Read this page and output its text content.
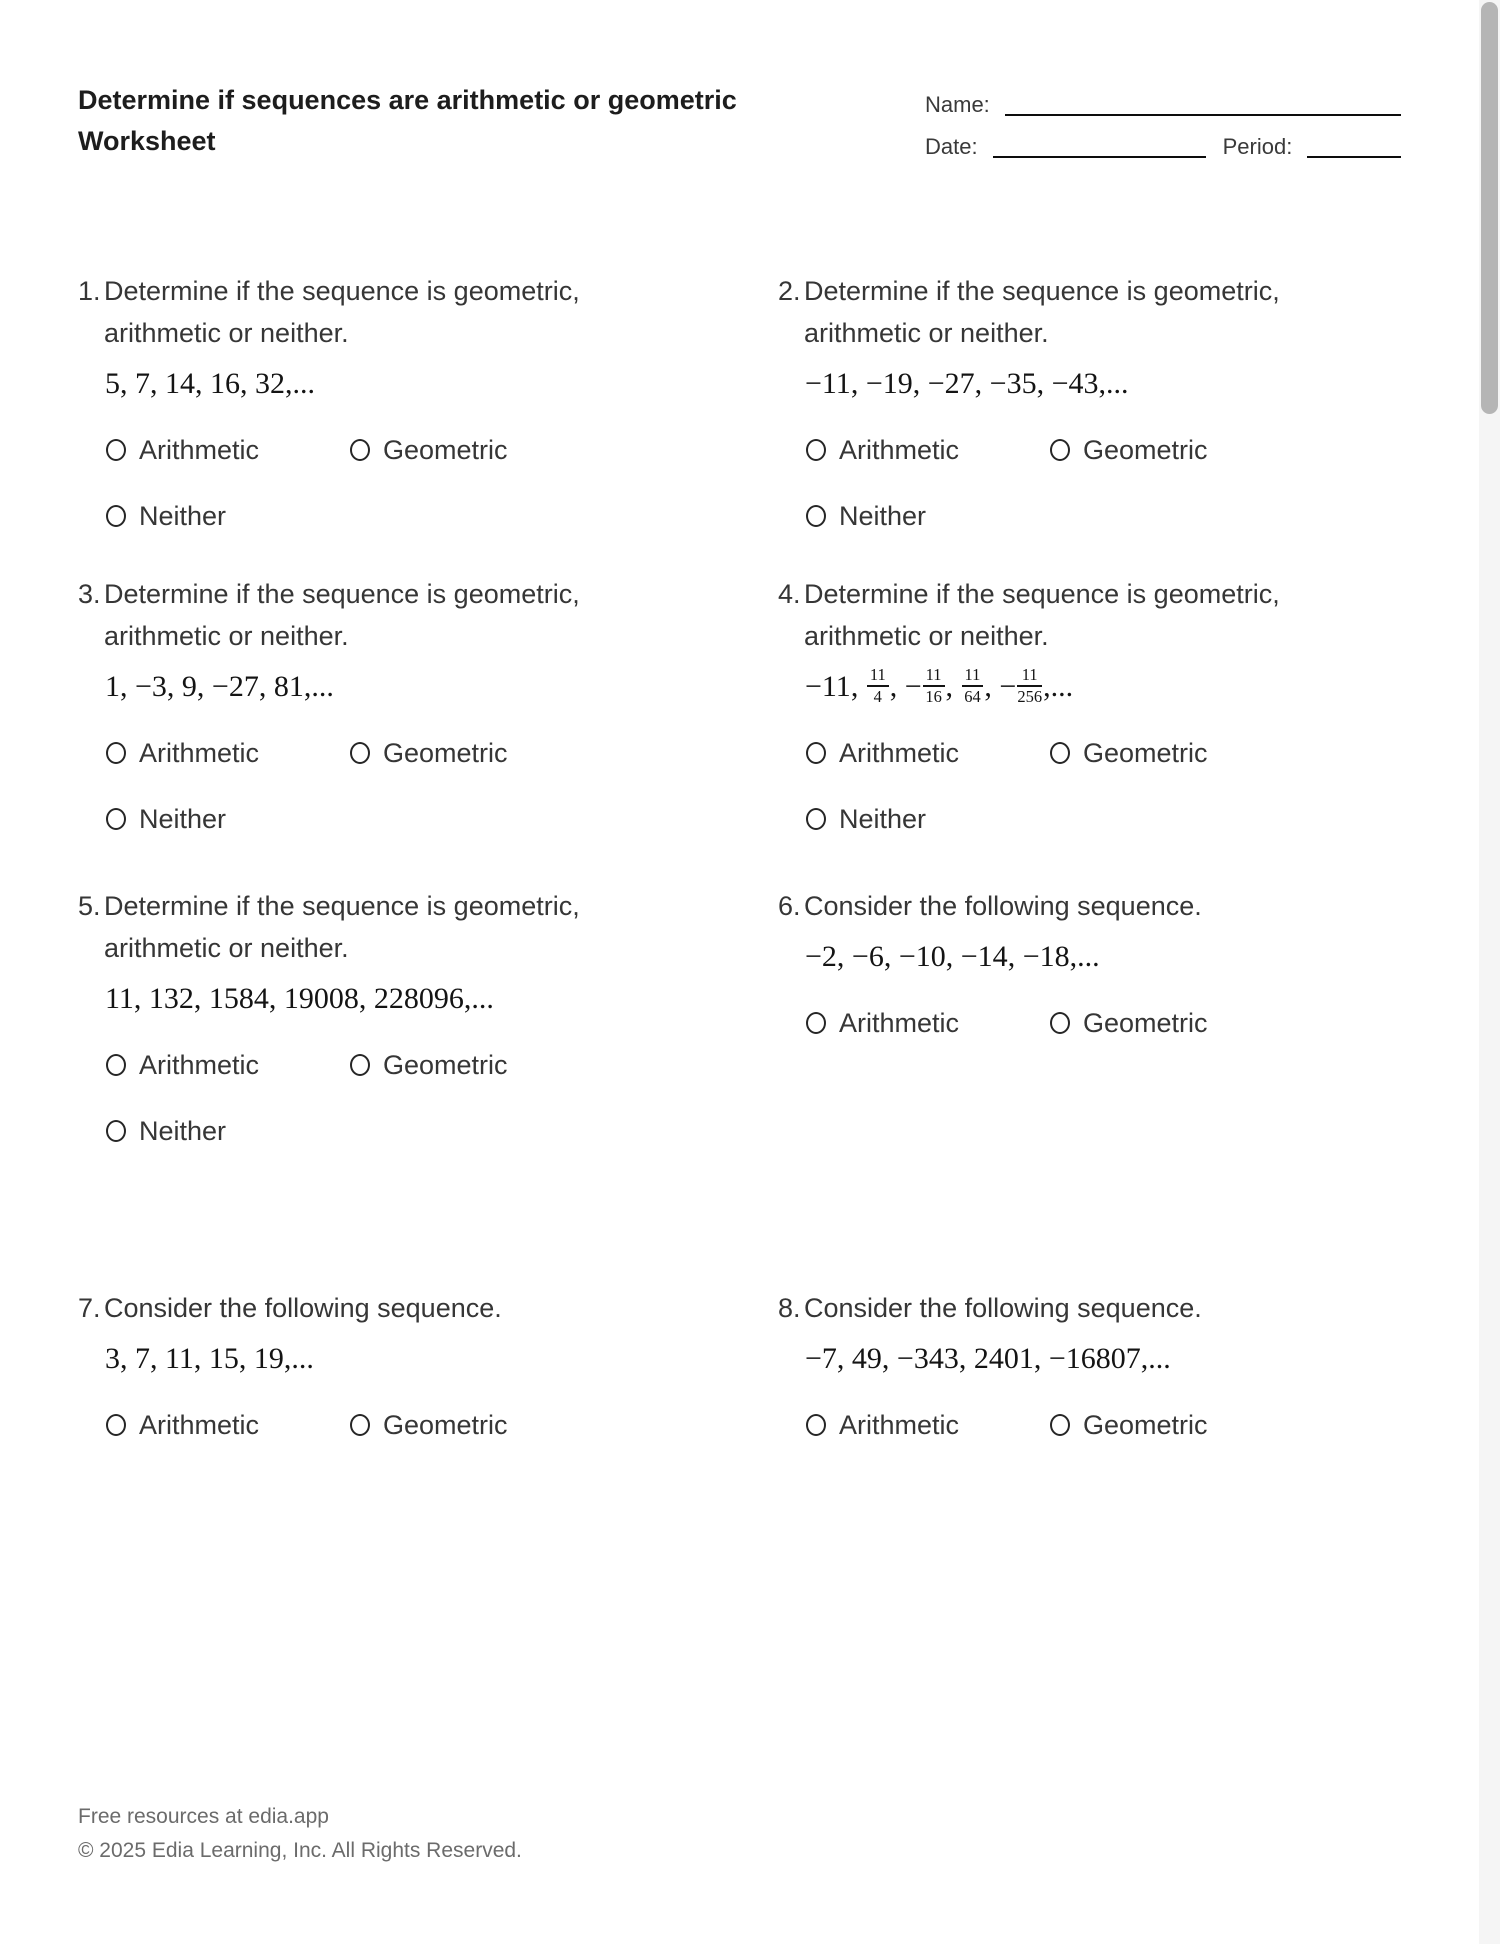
Determine if sequences are arithmetic or geometric
Worksheet
Name:
Date:	Period:
1. Determine if the sequence is geometric, arithmetic or neither.
5, 7, 14, 16, 32,...
Arithmetic	Geometric
Neither
2. Determine if the sequence is geometric, arithmetic or neither.
−11, −19, −27, −35, −43,...
Arithmetic	Geometric
Neither
3. Determine if the sequence is geometric, arithmetic or neither.
1, −3, 9, −27, 81,...
Arithmetic	Geometric
Neither
4. Determine if the sequence is geometric, arithmetic or neither.
−11, $\frac{11}{4}$ , − $\frac{11}{16}$ , $\frac{11}{64}$ , − $\frac{11}{256}$ ,...
Arithmetic	Geometric
Neither
5. Determine if the sequence is geometric, arithmetic or neither.
11, 132, 1584, 19008, 228096,...
Arithmetic	Geometric
Neither
6. Consider the following sequence.
−2, −6, −10, −14, −18,...
Arithmetic	Geometric
7. Consider the following sequence.
3, 7, 11, 15, 19,...
Arithmetic	Geometric
8. Consider the following sequence.
−7, 49, −343, 2401, −16807,...
Arithmetic	Geometric
Free resources at edia.app
© 2025 Edia Learning, Inc. All Rights Reserved.
